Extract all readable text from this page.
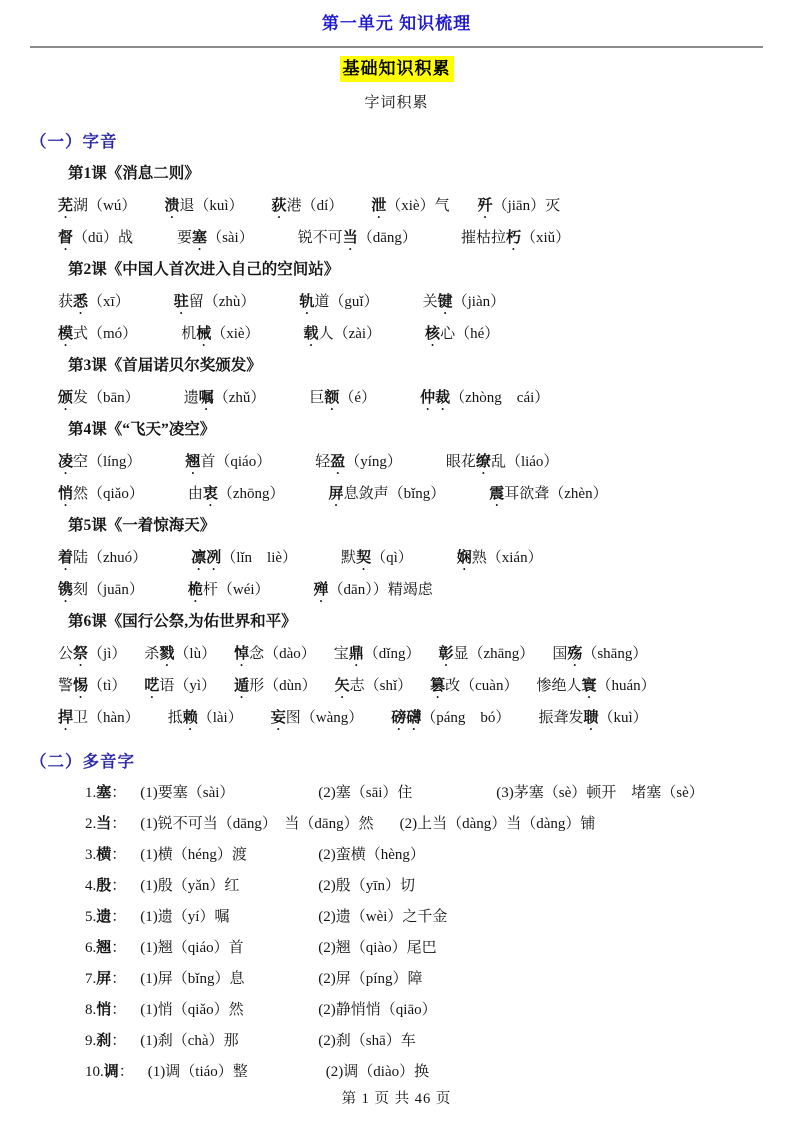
第一单元 知识梳理
基础知识积累
字词积累
（一）字音
第1课《消息二则》
芜湖（wú） 溃退（kuì） 荻港（dí） 泄（xiè）气 歼（jiān）灭
督（dū）战	要塞（sài）	锐不可当（dāng）	摧枯拉朽（xiǔ）
第2课《中国人首次进入自己的空间站》
获悉（xī）	驻留（zhù）	轨道（guǐ）	关键（jiàn）
模式（mó）	机械（xiè）	载人（zài）	核心（hé）
第3课《首届诺贝尔奖颁发》
颁发（bān）	遗嘱（zhǔ）	巨额（é）	仲裁（zhòng　cái）
第4课《“飞天”凌空》
凌空（líng）	翘首（qiáo）	轻盈（yíng）	眼花缭乱（liáo）
悄然（qiǎo）	由衷（zhōng）	屏息敛声（bǐng）	震耳欲聋（zhèn）
第5课《一着惊海天》
着陆（zhuó）	凛冽（lǐn　liè）	默契（qì）	娴熟（xián）
镌刻（juān）	桅杆（wéi）	殚（dān））精竭虑
第6课《国行公祭,为佑世界和平》
公祭（jì） 杀戮（lù） 悼念（dào） 宝鼎（dǐng） 彰显（zhāng） 国殇（shāng）
警惕（tì） 呓语（yì） 遁形（dùn） 矢志（shǐ） 篡改（cuàn） 惨绝人寰（huán）
捍卫（hàn） 抵赖（lài） 妄图（wàng） 磅礴（páng　bó） 振聋发聩（kuì）
（二）多音字
1.塞： (1)要塞（sài）	(2)塞（sāi）住	(3)茅塞（sè）顿开　堵塞（sè）
2.当： (1)锐不可当（dāng）　当（dāng）然 (2)上当（dàng）当（dàng）铺
3.横： (1)横（héng）渡	(2)蛮横（hèng）
4.殷： (1)殷（yǎn）红	(2)殷（yīn）切
5.遗： (1)遗（yí）嘱	(2)遗（wèi）之千金
6.翘： (1)翘（qiáo）首	(2)翘（qiào）尾巴
7.屏： (1)屏（bǐng）息	(2)屏（píng）障
8.悄： (1)悄（qiǎo）然	(2)静悄悄（qiāo）
9.刹： (1)刹（chà）那	(2)刹（shā）车
10.调： (1)调（tiáo）整	(2)调（diào）换
第 1 页 共 46 页
